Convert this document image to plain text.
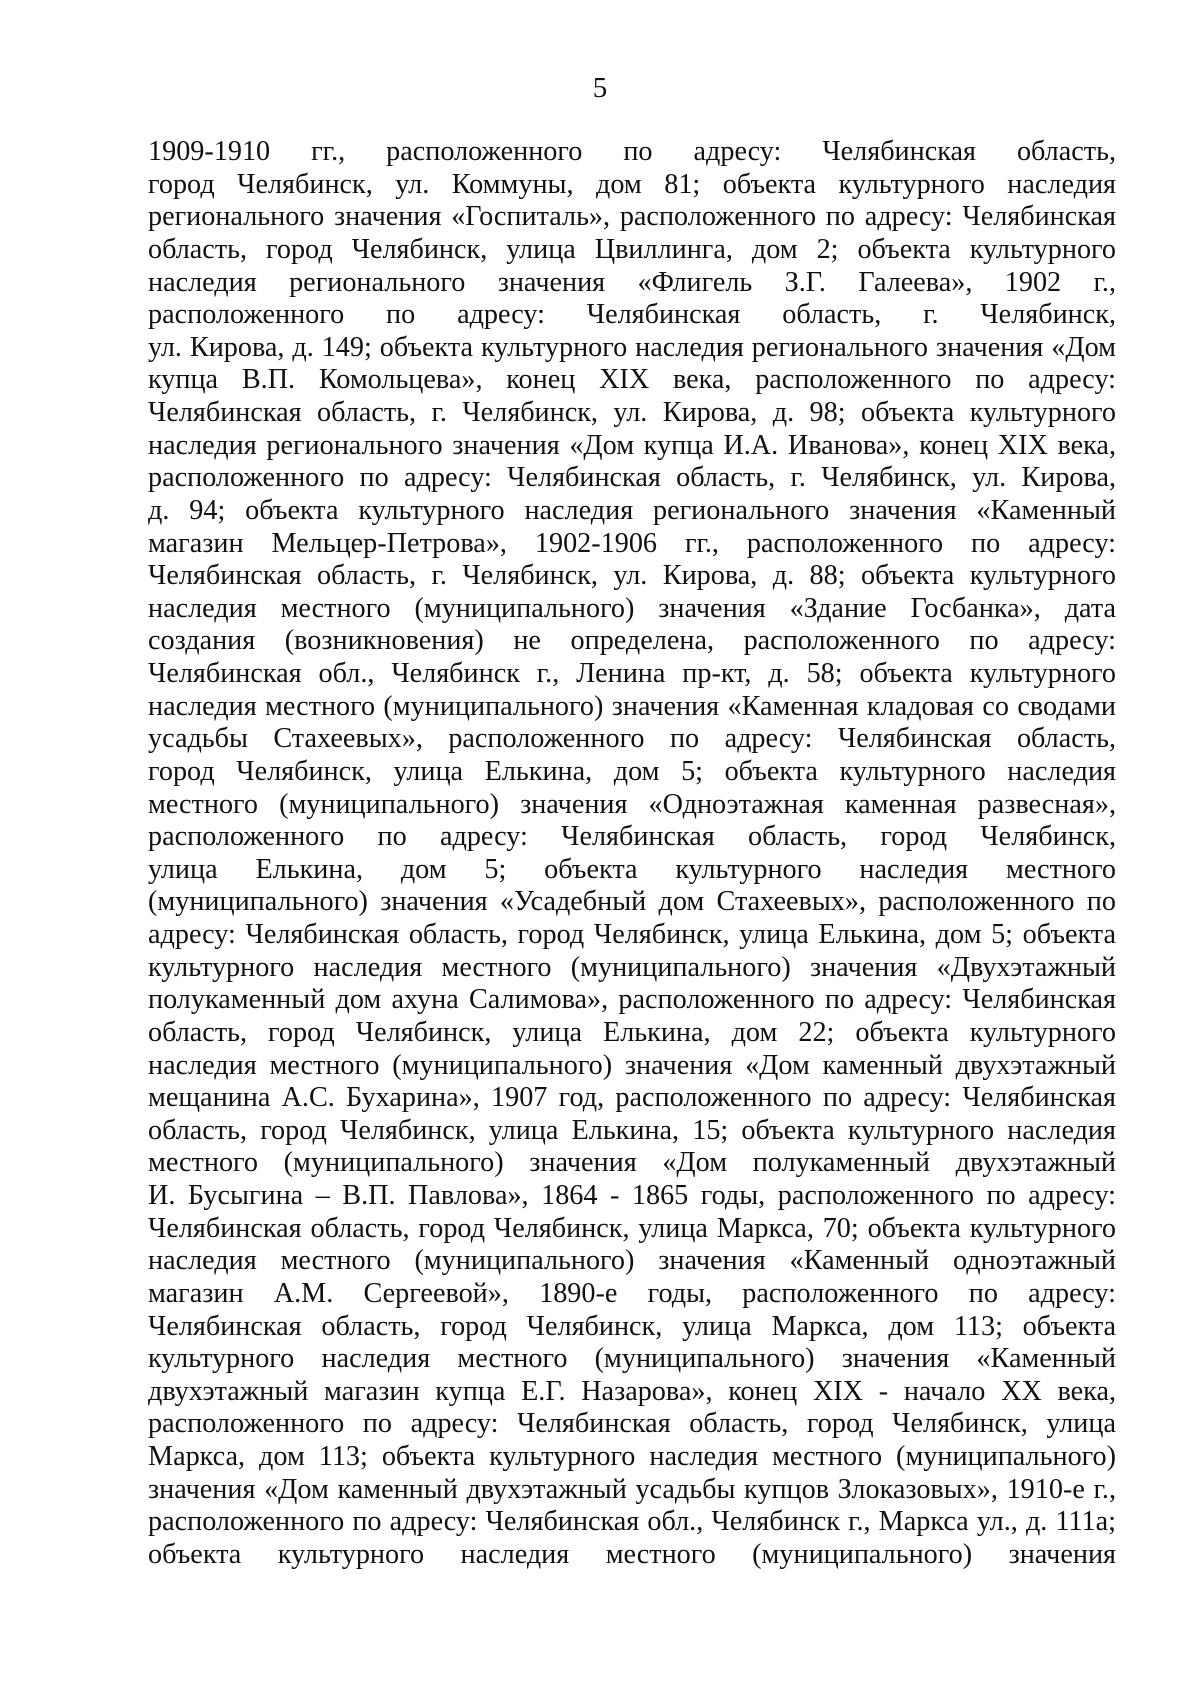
5
1909-1910 гг., расположенного по адресу: Челябинская область,
город Челябинск, ул. Коммуны, дом 81; объекта культурного наследия
регионального значения «Госпиталь», расположенного по адресу: Челябинская
область, город Челябинск, улица Цвиллинга, дом 2; объекта культурного
наследия регионального значения «Флигель З.Г. Галеева», 1902 г.,
расположенного по адресу: Челябинская область, г. Челябинск,
ул. Кирова, д. 149; объекта культурного наследия регионального значения «Дом
купца В.П. Комольцева», конец XIX века, расположенного по адресу:
Челябинская область, г. Челябинск, ул. Кирова, д. 98; объекта культурного
наследия регионального значения «Дом купца И.А. Иванова», конец XIX века,
расположенного по адресу: Челябинская область, г. Челябинск, ул. Кирова,
д. 94; объекта культурного наследия регионального значения «Каменный
магазин Мельцер-Петрова», 1902-1906 гг., расположенного по адресу:
Челябинская область, г. Челябинск, ул. Кирова, д. 88; объекта культурного
наследия местного (муниципального) значения «Здание Госбанка», дата
создания (возникновения) не определена, расположенного по адресу:
Челябинская обл., Челябинск г., Ленина пр-кт, д. 58; объекта культурного
наследия местного (муниципального) значения «Каменная кладовая со сводами
усадьбы Стахеевых», расположенного по адресу: Челябинская область,
город Челябинск, улица Елькина, дом 5; объекта культурного наследия
местного (муниципального) значения «Одноэтажная каменная развесная»,
расположенного по адресу: Челябинская область, город Челябинск,
улица Елькина, дом 5; объекта культурного наследия местного
(муниципального) значения «Усадебный дом Стахеевых», расположенного по
адресу: Челябинская область, город Челябинск, улица Елькина, дом 5; объекта
культурного наследия местного (муниципального) значения «Двухэтажный
полукаменный дом ахуна Салимова», расположенного по адресу: Челябинская
область, город Челябинск, улица Елькина, дом 22; объекта культурного
наследия местного (муниципального) значения «Дом каменный двухэтажный
мещанина А.С. Бухарина», 1907 год, расположенного по адресу: Челябинская
область, город Челябинск, улица Елькина, 15; объекта культурного наследия
местного (муниципального) значения «Дом полукаменный двухэтажный
И. Бусыгина – В.П. Павлова», 1864 - 1865 годы, расположенного по адресу:
Челябинская область, город Челябинск, улица Маркса, 70; объекта культурного
наследия местного (муниципального) значения «Каменный одноэтажный
магазин А.М. Сергеевой», 1890-е годы, расположенного по адресу:
Челябинская область, город Челябинск, улица Маркса, дом 113; объекта
культурного наследия местного (муниципального) значения «Каменный
двухэтажный магазин купца Е.Г. Назарова», конец XIX - начало XX века,
расположенного по адресу: Челябинская область, город Челябинск, улица
Маркса, дом 113; объекта культурного наследия местного (муниципального)
значения «Дом каменный двухэтажный усадьбы купцов Злоказовых», 1910-е г.,
расположенного по адресу: Челябинская обл., Челябинск г., Маркса ул., д. 111а;
объекта культурного наследия местного (муниципального) значения
